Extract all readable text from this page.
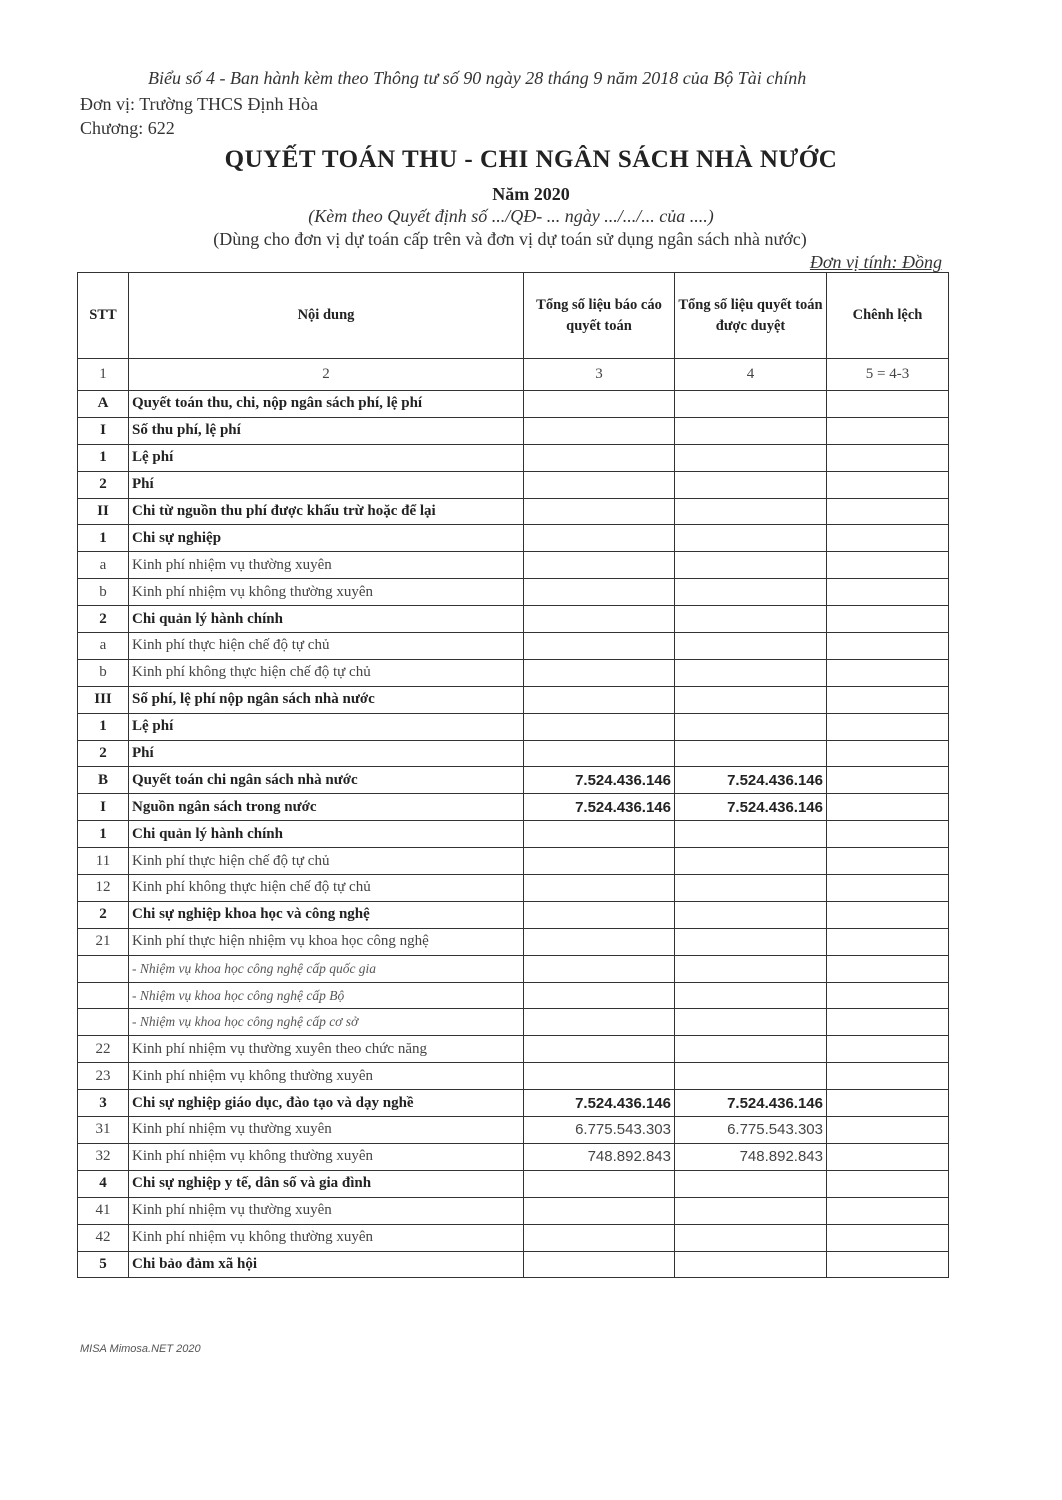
Biểu số 4 - Ban hành kèm theo Thông tư số 90 ngày 28 tháng 9 năm 2018 của Bộ Tài chính
Đơn vị: Trường THCS Định Hòa
Chương: 622
QUYẾT TOÁN THU - CHI NGÂN SÁCH NHÀ NƯỚC
Năm 2020
(Kèm theo Quyết định số .../QĐ- ... ngày .../.../... của ....)
(Dùng cho đơn vị dự toán cấp trên và đơn vị dự toán sử dụng ngân sách nhà nước)
Đơn vị tính: Đồng
STT	Nội dung	Tổng số liệu báo cáo quyết toán	Tổng số liệu quyết toán được duyệt	Chênh lệch
1	2	3	4	5 = 4-3
A	Quyết toán thu, chi, nộp ngân sách phí, lệ phí			
I	Số thu phí, lệ phí			
1	Lệ phí			
2	Phí			
II	Chi từ nguồn thu phí được khấu trừ hoặc để lại			
1	Chi sự nghiệp			
a	Kinh phí nhiệm vụ thường xuyên			
b	Kinh phí nhiệm vụ không thường xuyên			
2	Chi quản lý hành chính			
a	Kinh phí thực hiện chế độ tự chủ			
b	Kinh phí không thực hiện chế độ tự chủ			
III	Số phí, lệ phí nộp ngân sách nhà nước			
1	Lệ phí			
2	Phí			
B	Quyết toán chi ngân sách nhà nước	7.524.436.146	7.524.436.146	
I	Nguồn ngân sách trong nước	7.524.436.146	7.524.436.146	
1	Chi quản lý hành chính			
11	Kinh phí thực hiện chế độ tự chủ			
12	Kinh phí không thực hiện chế độ tự chủ			
2	Chi sự nghiệp khoa học và công nghệ			
21	Kinh phí thực hiện nhiệm vụ khoa học công nghệ			
	- Nhiệm vụ khoa học công nghệ cấp quốc gia			
	- Nhiệm vụ khoa học công nghệ cấp Bộ			
	- Nhiệm vụ khoa học công nghệ cấp cơ sở			
22	Kinh phí nhiệm vụ thường xuyên theo chức năng			
23	Kinh phí nhiệm vụ không thường xuyên			
3	Chi sự nghiệp giáo dục, đào tạo và dạy nghề	7.524.436.146	7.524.436.146	
31	Kinh phí nhiệm vụ thường xuyên	6.775.543.303	6.775.543.303	
32	Kinh phí nhiệm vụ không thường xuyên	748.892.843	748.892.843	
4	Chi sự nghiệp y tế, dân số và gia đình			
41	Kinh phí nhiệm vụ thường xuyên			
42	Kinh phí nhiệm vụ không thường xuyên			
5	Chi bảo đảm xã hội			
MISA Mimosa.NET 2020
